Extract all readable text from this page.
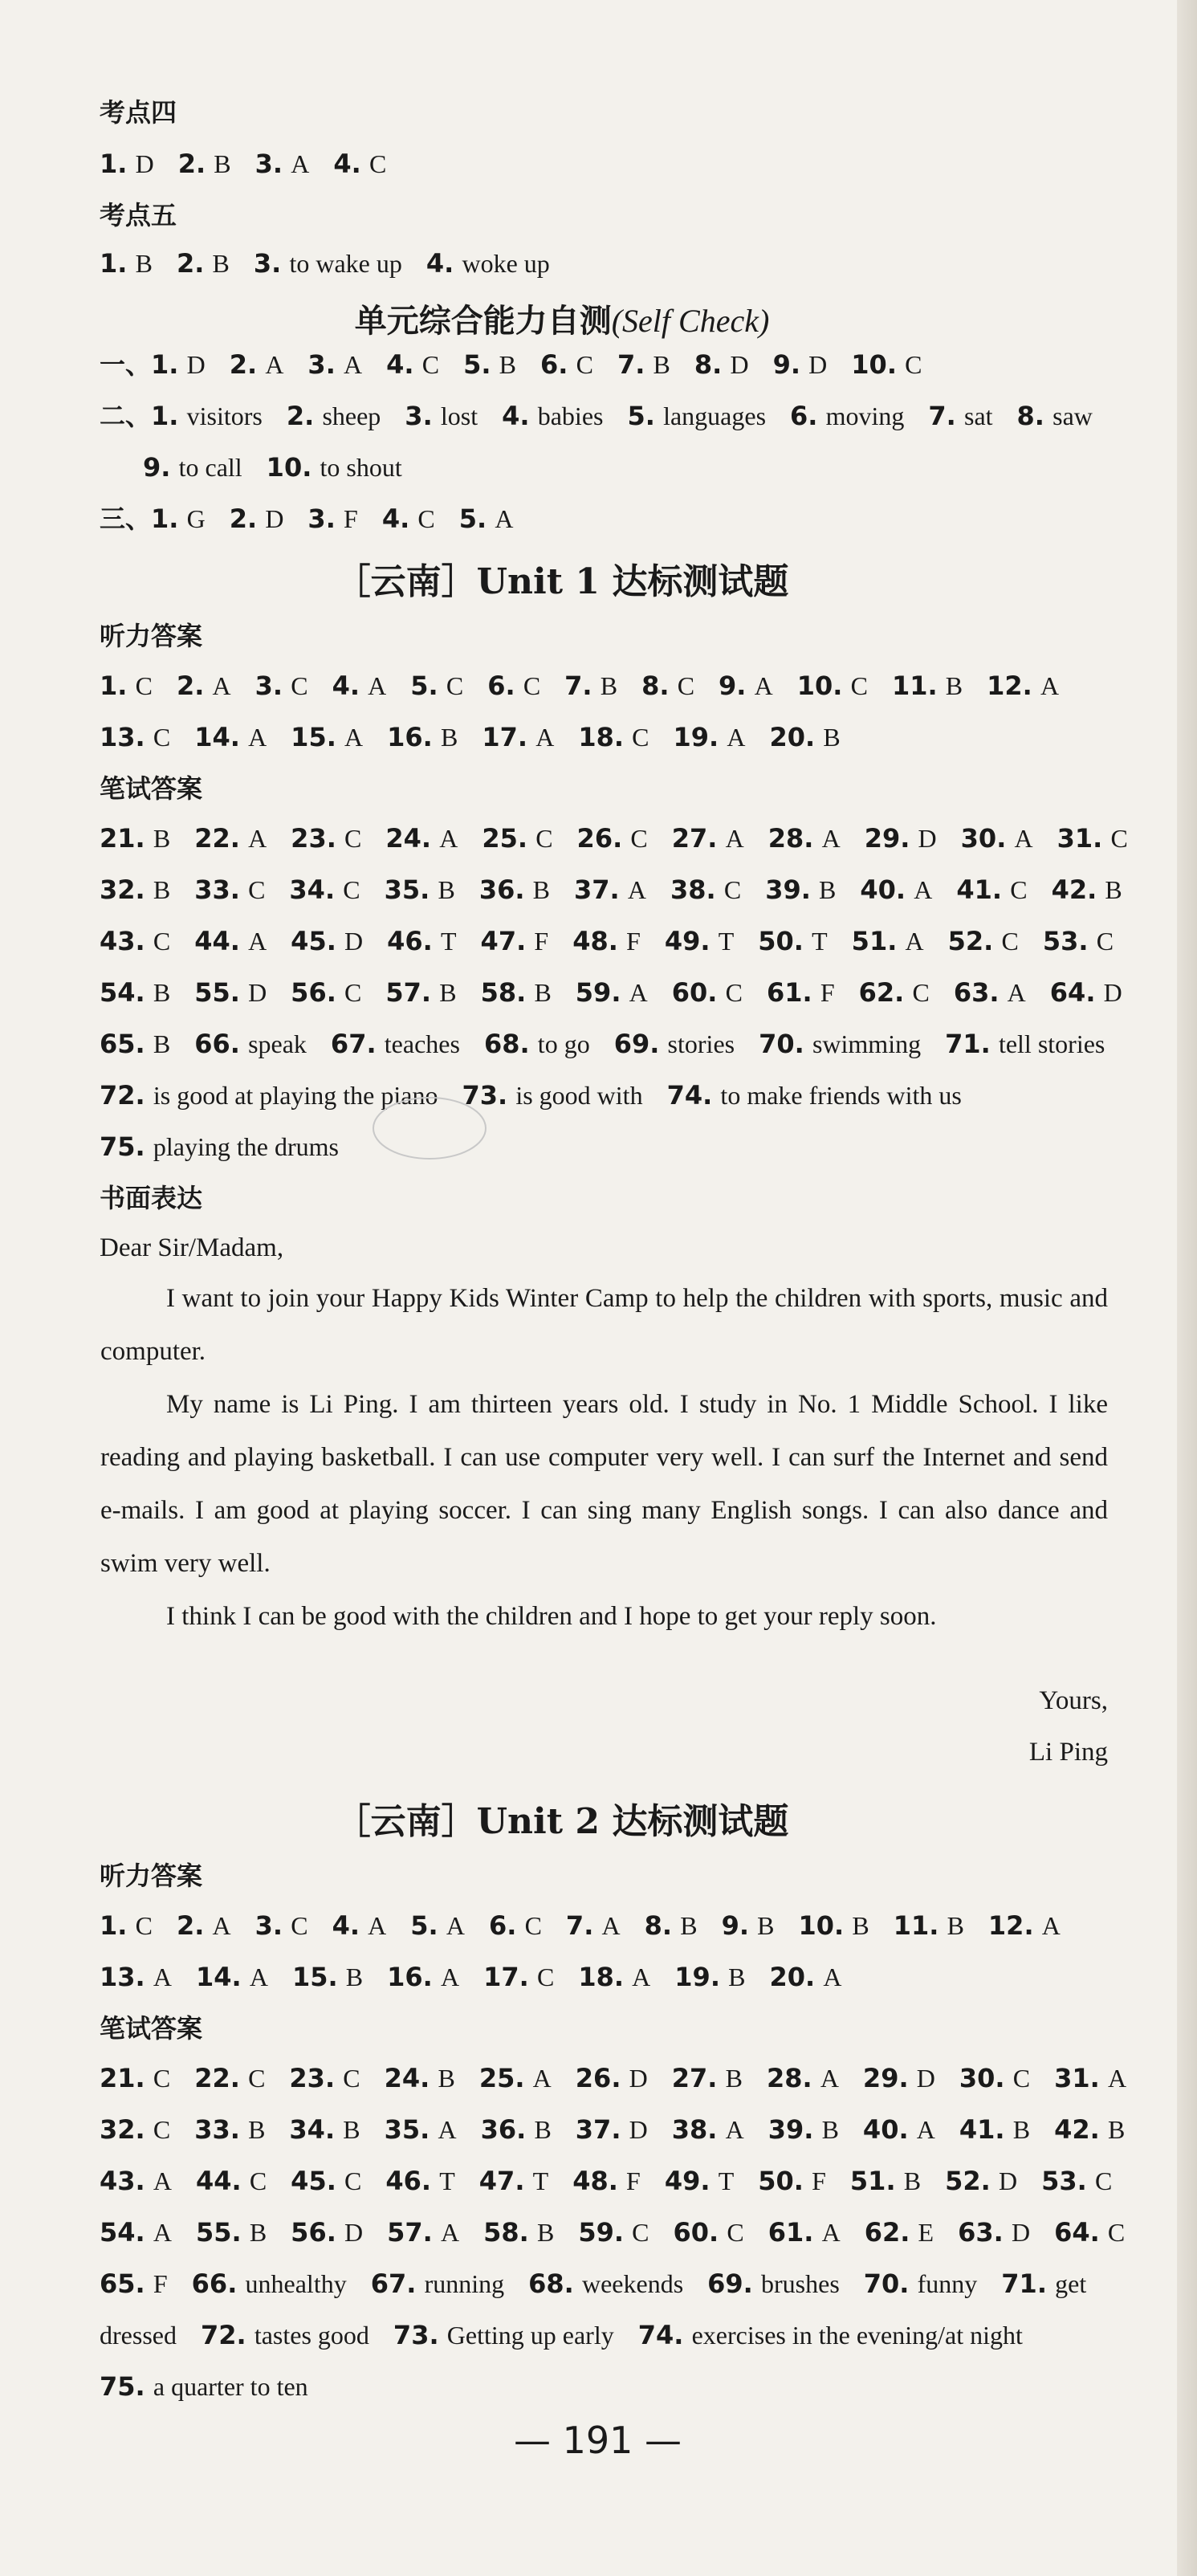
考点四
1. D 2. B 3. A 4. C
考点五
1. B 2. B 3. to wake up 4. woke up
单元综合能力自测(Self Check)
一、1. D 2. A 3. A 4. C 5. B 6. C 7. B 8. D 9. D 10. C
二、1. visitors 2. sheep 3. lost 4. babies 5. languages 6. moving 7. sat 8. saw
9. to call 10. to shout
三、1. G 2. D 3. F 4. C 5. A
［云南］Unit 1 达标测试题
听力答案
1. C 2. A 3. C 4. A 5. C 6. C 7. B 8. C 9. A 10. C 11. B 12. A
13. C 14. A 15. A 16. B 17. A 18. C 19. A 20. B
笔试答案
21. B 22. A 23. C 24. A 25. C 26. C 27. A 28. A 29. D 30. A 31. C
32. B 33. C 34. C 35. B 36. B 37. A 38. C 39. B 40. A 41. C 42. B
43. C 44. A 45. D 46. T 47. F 48. F 49. T 50. T 51. A 52. C 53. C
54. B 55. D 56. C 57. B 58. B 59. A 60. C 61. F 62. C 63. A 64. D
65. B 66. speak 67. teaches 68. to go 69. stories 70. swimming 71. tell stories
72. is good at playing the piano 73. is good with 74. to make friends with us
75. playing the drums
书面表达
Dear Sir/Madam,

I want to join your Happy Kids Winter Camp to help the children with sports, music and computer.

My name is Li Ping. I am thirteen years old. I study in No. 1 Middle School. I like reading and playing basketball. I can use computer very well. I can surf the Internet and send e-mails. I am good at playing soccer. I can sing many English songs. I can also dance and swim very well.

I think I can be good with the children and I hope to get your reply soon.

Yours,
Li Ping
［云南］Unit 2 达标测试题
听力答案
1. C 2. A 3. C 4. A 5. A 6. C 7. A 8. B 9. B 10. B 11. B 12. A
13. A 14. A 15. B 16. A 17. C 18. A 19. B 20. A
笔试答案
21. C 22. C 23. C 24. B 25. A 26. D 27. B 28. A 29. D 30. C 31. A
32. C 33. B 34. B 35. A 36. B 37. D 38. A 39. B 40. A 41. B 42. B
43. A 44. C 45. C 46. T 47. T 48. F 49. T 50. F 51. B 52. D 53. C
54. A 55. B 56. D 57. A 58. B 59. C 60. C 61. A 62. E 63. D 64. C
65. F 66. unhealthy 67. running 68. weekends 69. brushes 70. funny 71. get
dressed 72. tastes good 73. Getting up early 74. exercises in the evening/at night
75. a quarter to ten
— 191 —
